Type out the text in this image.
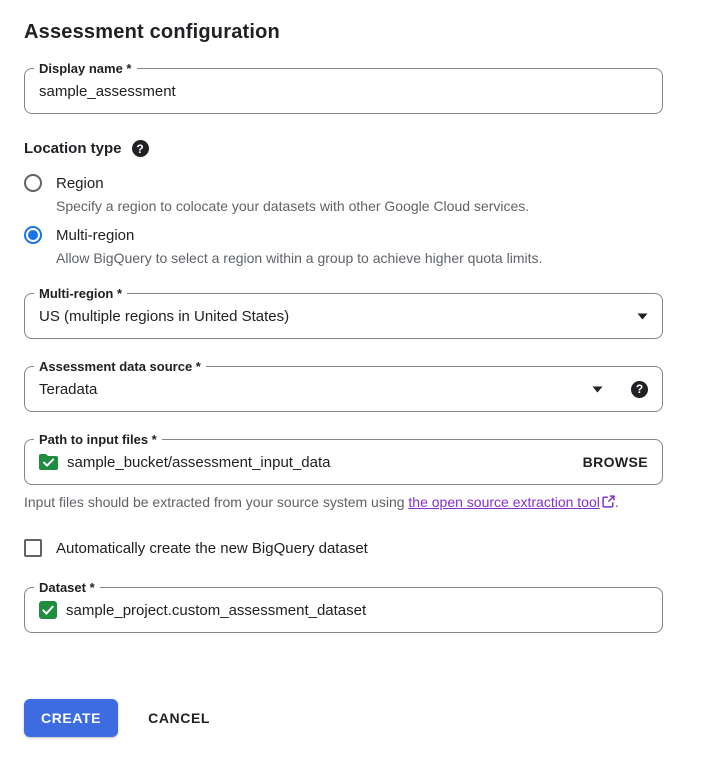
Assessment configuration
Display name *
sample_assessment
Location type	?
Region
Specify a region to colocate your datasets with other Google Cloud services.
Multi-region
Allow BigQuery to select a region within a group to achieve higher quota limits.
Multi-region *
US (multiple regions in United States)
Assessment data source *
Teradata	?
Path to input files *
sample_bucket/assessment_input_data	BROWSE

Input files should be extracted from your source system using the open source extraction tool .

Automatically create the new BigQuery dataset
Dataset *
sample_project.custom_assessment_dataset
CREATE	CANCEL
